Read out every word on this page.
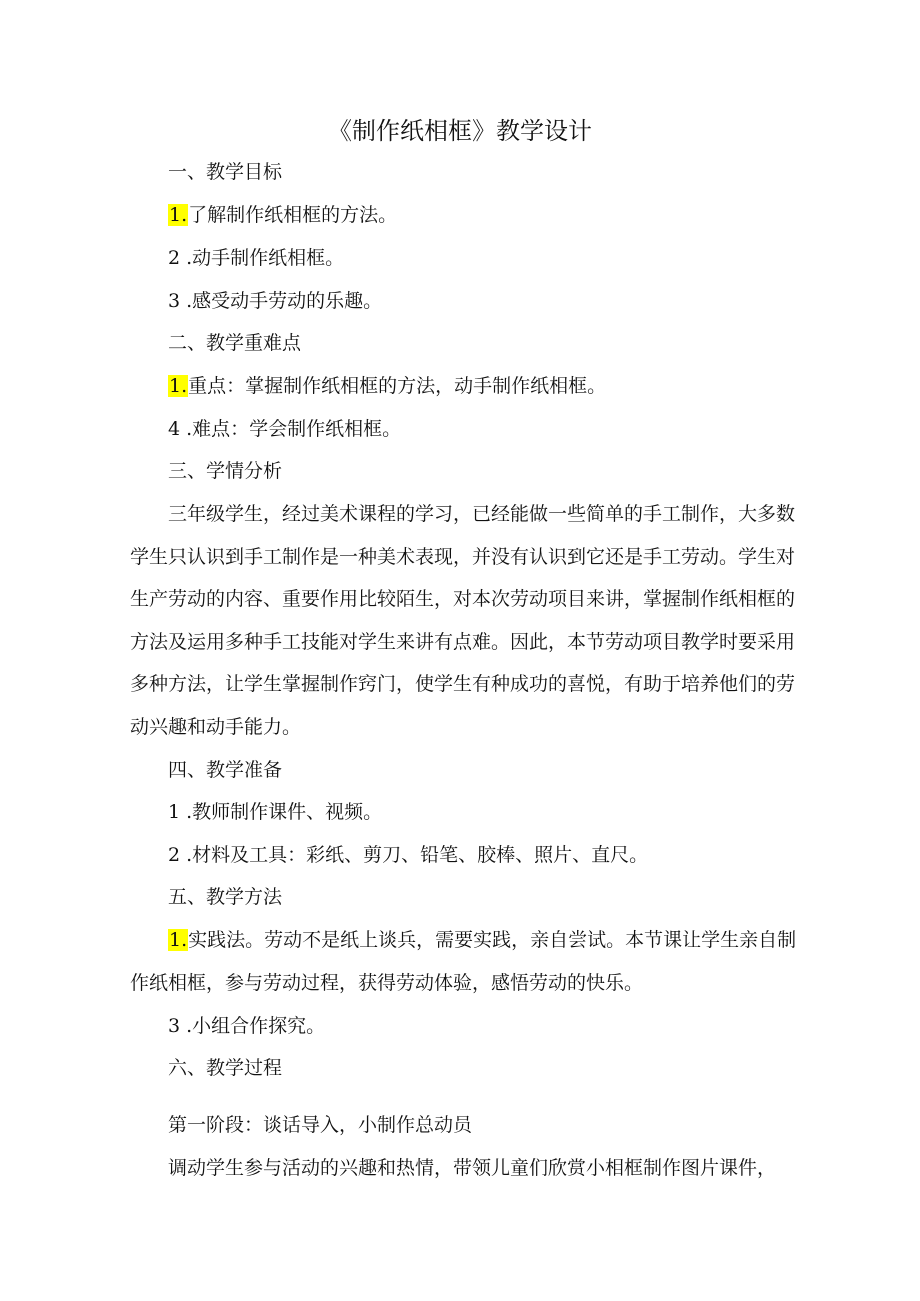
《制作纸相框》教学设计
一、教学目标
1.了解制作纸相框的方法。
2 .动手制作纸相框。
3 .感受动手劳动的乐趣。
二、教学重难点
1.重点：掌握制作纸相框的方法，动手制作纸相框。
4 .难点：学会制作纸相框。
三、学情分析
三年级学生，经过美术课程的学习，已经能做一些简单的手工制作，大多数学生只认识到手工制作是一种美术表现，并没有认识到它还是手工劳动。学生对生产劳动的内容、重要作用比较陌生，对本次劳动项目来讲，掌握制作纸相框的方法及运用多种手工技能对学生来讲有点难。因此，本节劳动项目教学时要采用多种方法，让学生掌握制作窍门，使学生有种成功的喜悦，有助于培养他们的劳动兴趣和动手能力。
四、教学准备
1 .教师制作课件、视频。
2 .材料及工具：彩纸、剪刀、铅笔、胶棒、照片、直尺。
五、教学方法
1.实践法。劳动不是纸上谈兵，需要实践，亲自尝试。本节课让学生亲自制作纸相框，参与劳动过程，获得劳动体验，感悟劳动的快乐。
3 .小组合作探究。
六、教学过程
第一阶段：谈话导入，小制作总动员
调动学生参与活动的兴趣和热情，带领儿童们欣赏小相框制作图片课件，
